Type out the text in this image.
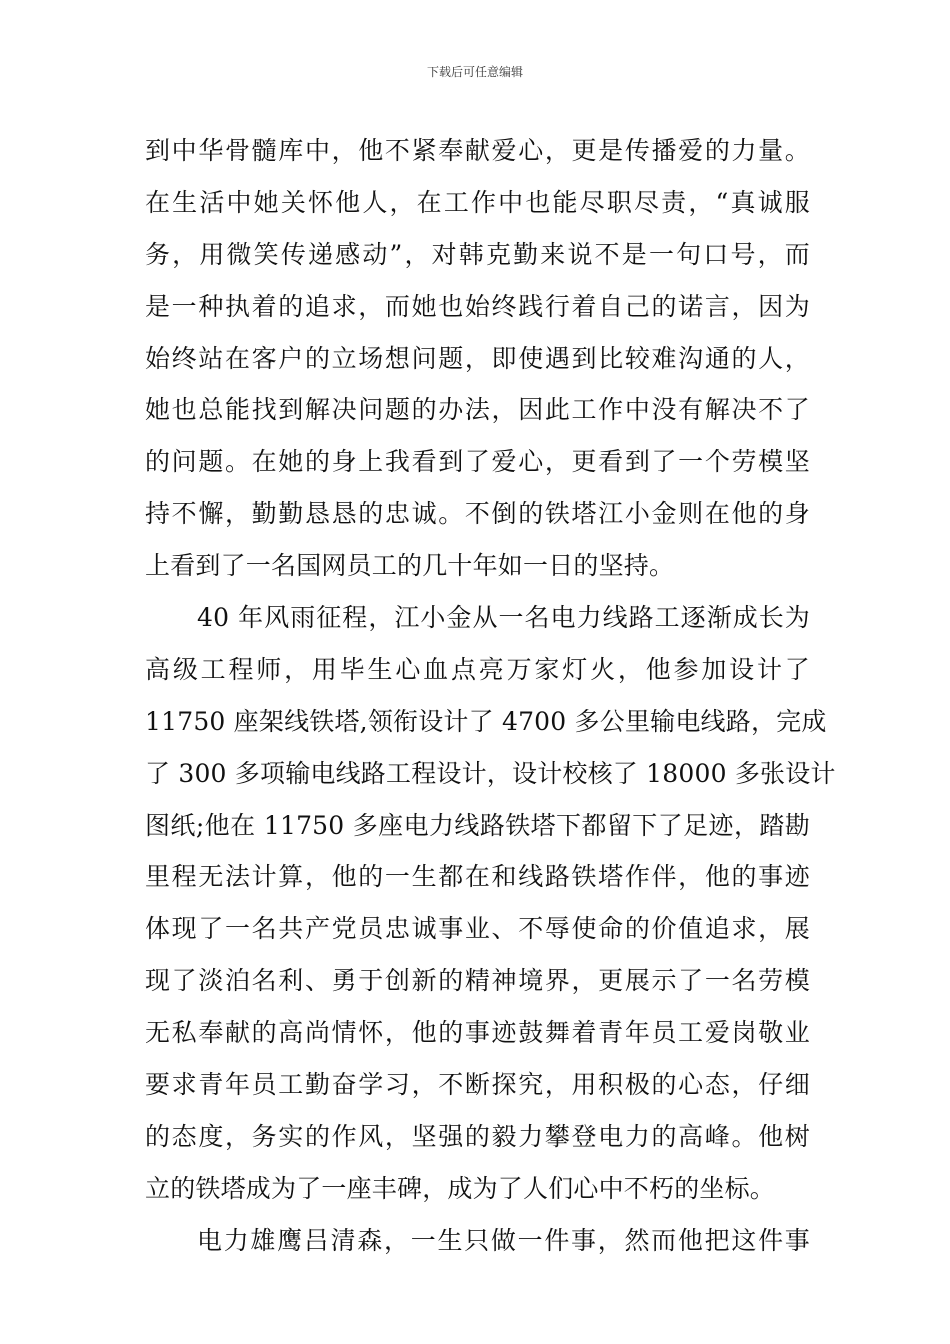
下载后可任意编辑
到中华骨髓库中，他不紧奉献爱心，更是传播爱的力量。
在生活中她关怀他人，在工作中也能尽职尽责，“真诚服
务，用微笑传递感动”，对韩克勤来说不是一句口号，而
是一种执着的追求，而她也始终践行着自己的诺言，因为
始终站在客户的立场想问题，即使遇到比较难沟通的人，
她也总能找到解决问题的办法，因此工作中没有解决不了
的问题。在她的身上我看到了爱心，更看到了一个劳模坚
持不懈，勤勤恳恳的忠诚。不倒的铁塔江小金则在他的身
上看到了一名国网员工的几十年如一日的坚持。
40 年风雨征程，江小金从一名电力线路工逐渐成长为
高级工程师，用毕生心血点亮万家灯火，他参加设计了
11750 座架线铁塔,领衔设计了 4700 多公里输电线路，完成
了 300 多项输电线路工程设计，设计校核了 18000 多张设计
图纸;他在 11750 多座电力线路铁塔下都留下了足迹，踏勘
里程无法计算，他的一生都在和线路铁塔作伴，他的事迹
体现了一名共产党员忠诚事业、不辱使命的价值追求，展
现了淡泊名利、勇于创新的精神境界，更展示了一名劳模
无私奉献的高尚情怀，他的事迹鼓舞着青年员工爱岗敬业
要求青年员工勤奋学习，不断探究，用积极的心态，仔细
的态度，务实的作风，坚强的毅力攀登电力的高峰。他树
立的铁塔成为了一座丰碑，成为了人们心中不朽的坐标。
电力雄鹰吕清森，一生只做一件事，然而他把这件事
